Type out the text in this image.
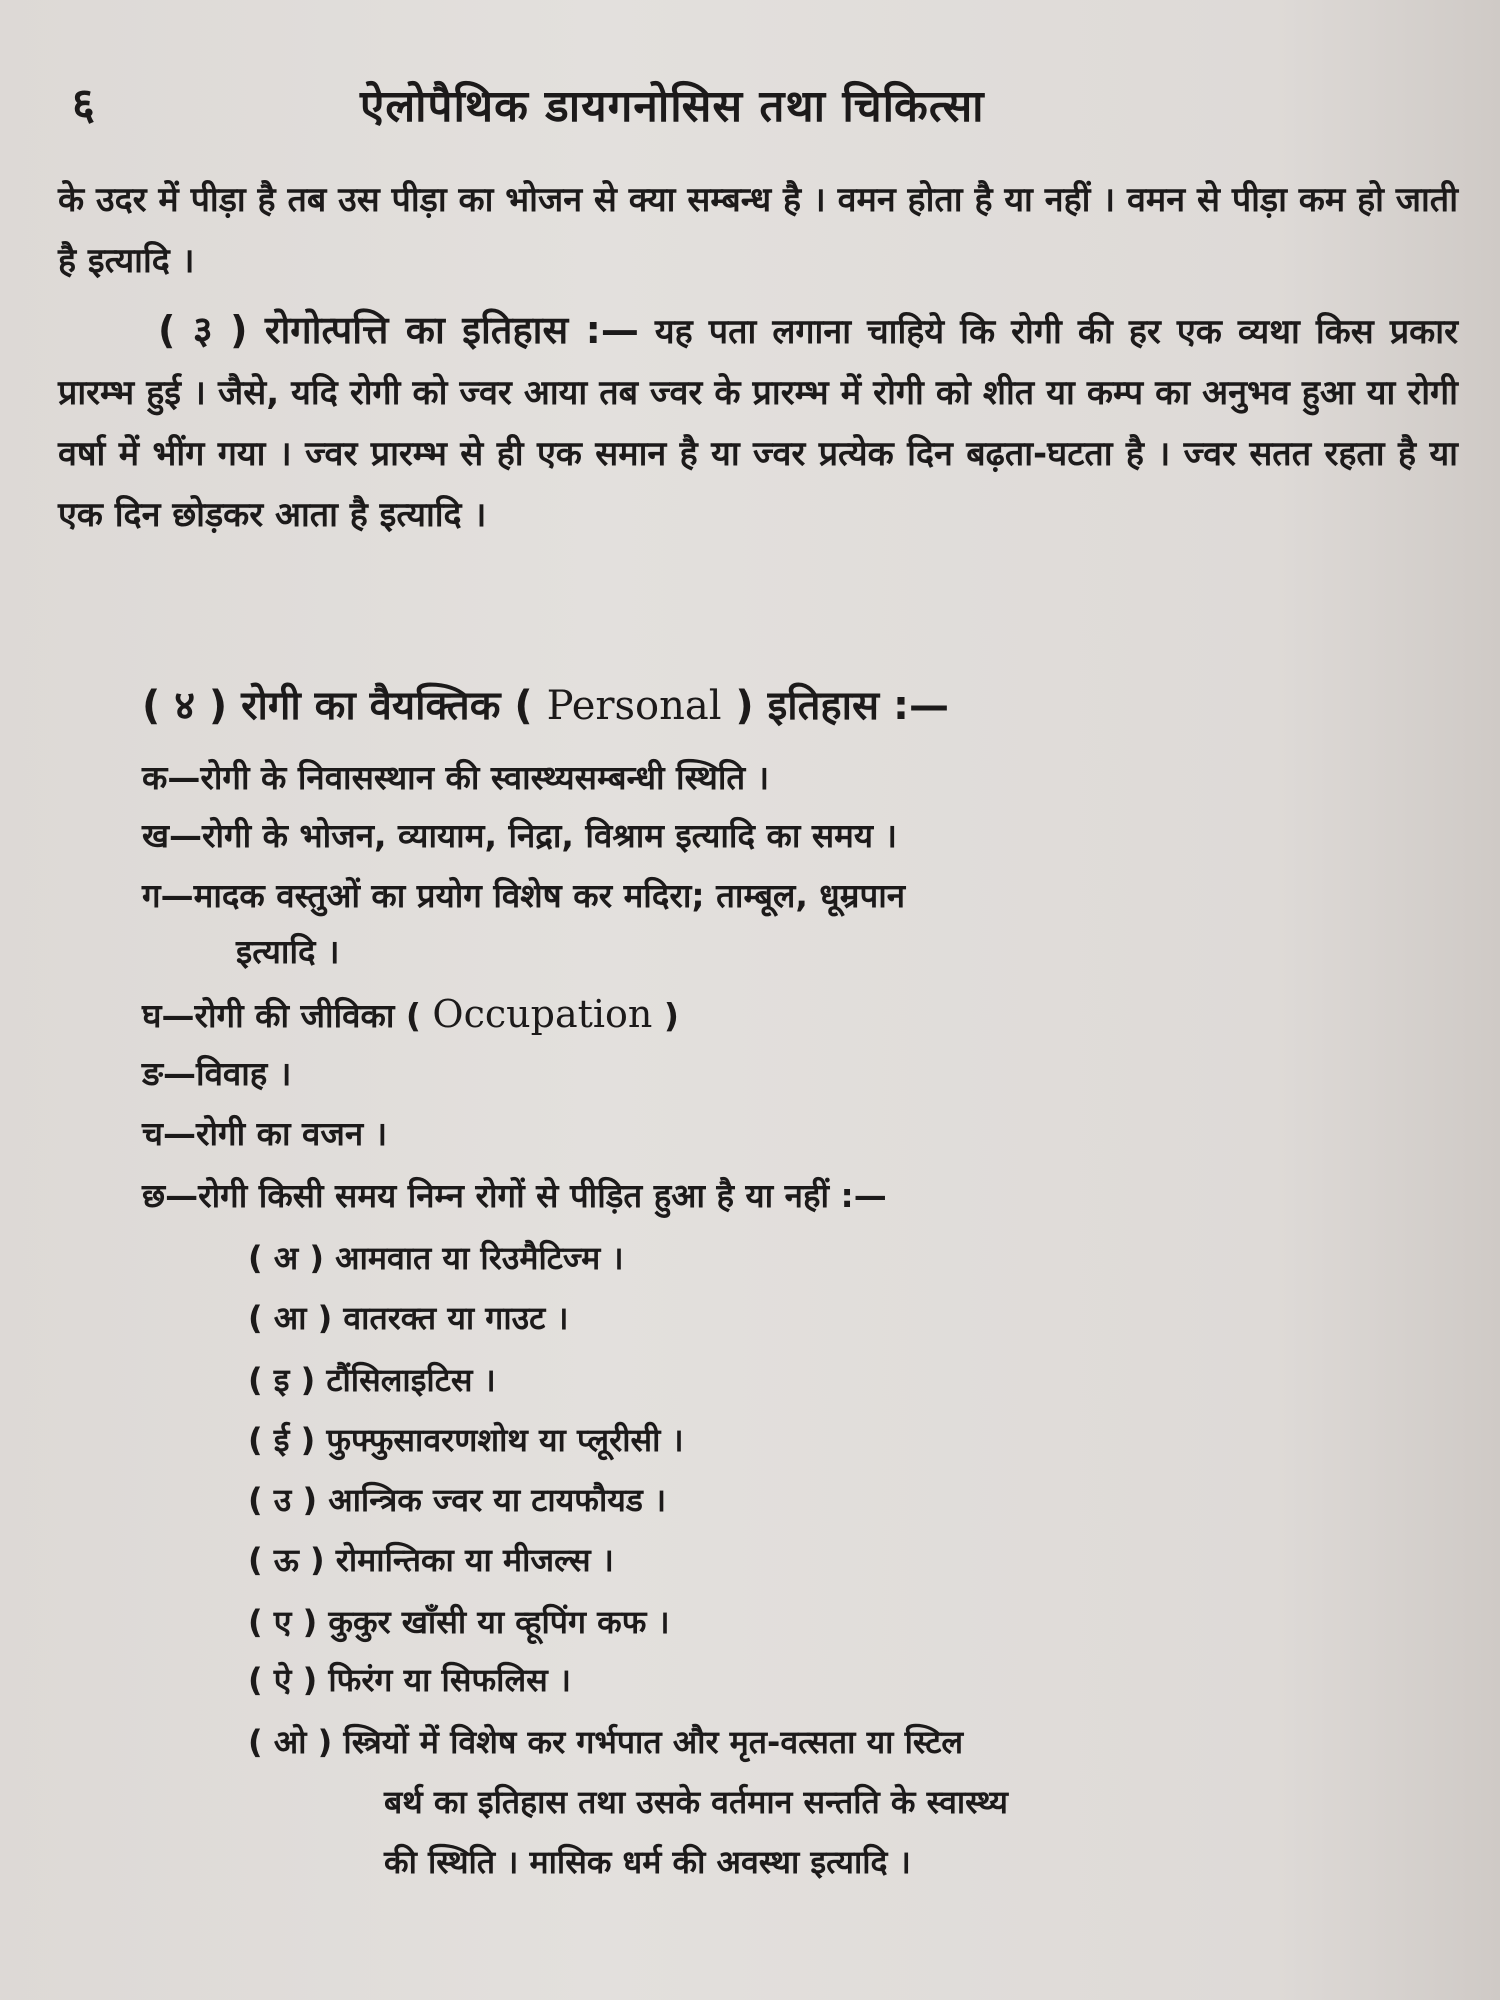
६	ऐलोपैथिक डायगनोसिस तथा चिकित्सा
के उदर में पीड़ा है तब उस पीड़ा का भोजन से क्या सम्बन्ध है । वमन होता है या नहीं । वमन से पीड़ा कम हो जाती है इत्यादि ।
( ३ ) रोगोत्पत्ति का इतिहास :— यह पता लगाना चाहिये कि रोगी की हर एक व्यथा किस प्रकार प्रारम्भ हुई । जैसे, यदि रोगी को ज्वर आया तब ज्वर के प्रारम्भ में रोगी को शीत या कम्प का अनुभव हुआ या रोगी वर्षा में भींग गया । ज्वर प्रारम्भ से ही एक समान है या ज्वर प्रत्येक दिन बढ़ता-घटता है । ज्वर सतत रहता है या एक दिन छोड़कर आता है इत्यादि ।
( ४ ) रोगी का वैयक्तिक ( Personal ) इतिहास :—
क—रोगी के निवासस्थान की स्वास्थ्यसम्बन्धी स्थिति ।
ख—रोगी के भोजन, व्यायाम, निद्रा, विश्राम इत्यादि का समय ।
ग—मादक वस्तुओं का प्रयोग विशेष कर मदिरा; ताम्बूल, धूम्रपान
इत्यादि ।
घ—रोगी की जीविका ( Occupation )
ङ—विवाह ।
च—रोगी का वजन ।
छ—रोगी किसी समय निम्न रोगों से पीड़ित हुआ है या नहीं :—
( अ ) आमवात या रिउमैटिज्म ।
( आ ) वातरक्त या गाउट ।
( इ ) टौंसिलाइटिस ।
( ई ) फुफ्फुसावरणशोथ या प्लूरीसी ।
( उ ) आन्त्रिक ज्वर या टायफौयड ।
( ऊ ) रोमान्तिका या मीजल्स ।
( ए ) कुकुर खाँसी या व्हूपिंग कफ ।
( ऐ ) फिरंग या सिफलिस ।
( ओ ) स्त्रियों में विशेष कर गर्भपात और मृत-वत्सता या स्टिल
बर्थ का इतिहास तथा उसके वर्तमान सन्तति के स्वास्थ्य
की स्थिति । मासिक धर्म की अवस्था इत्यादि ।
